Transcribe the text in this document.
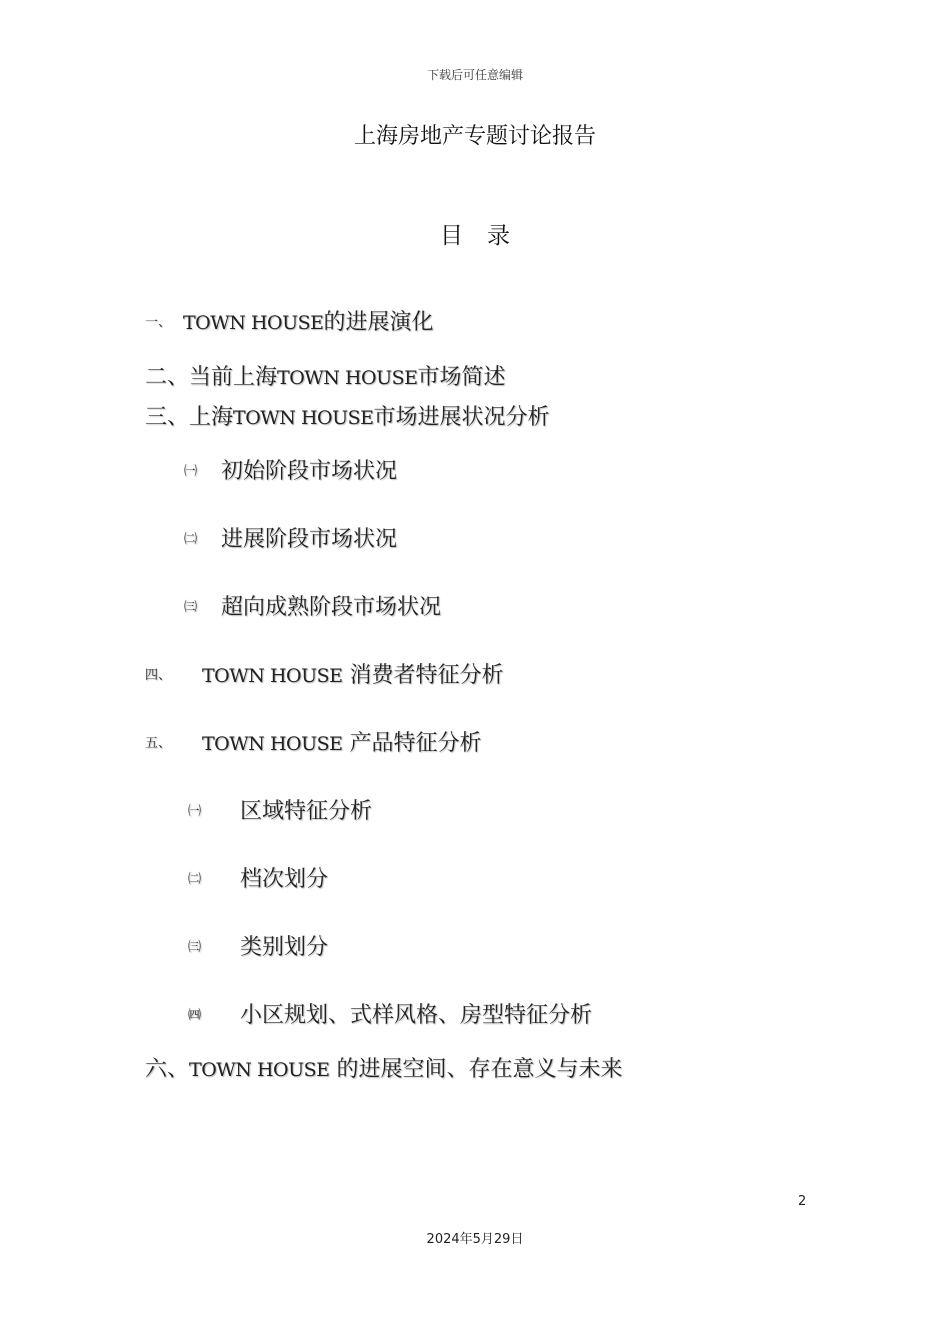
下载后可任意编辑
上海房地产专题讨论报告
目录
一、 TOWN HOUSE的进展演化
二、当前上海TOWN HOUSE市场简述
三、上海TOWN HOUSE市场进展状况分析
㈠ 初始阶段市场状况
㈡ 进展阶段市场状况
㈢ 超向成熟阶段市场状况
四、 TOWN HOUSE 消费者特征分析
五、 TOWN HOUSE 产品特征分析
㈠ 区域特征分析
㈡ 档次划分
㈢ 类别划分
㈣ 小区规划、式样风格、房型特征分析
六、TOWN HOUSE 的进展空间、存在意义与未来
2
2024年5月29日
